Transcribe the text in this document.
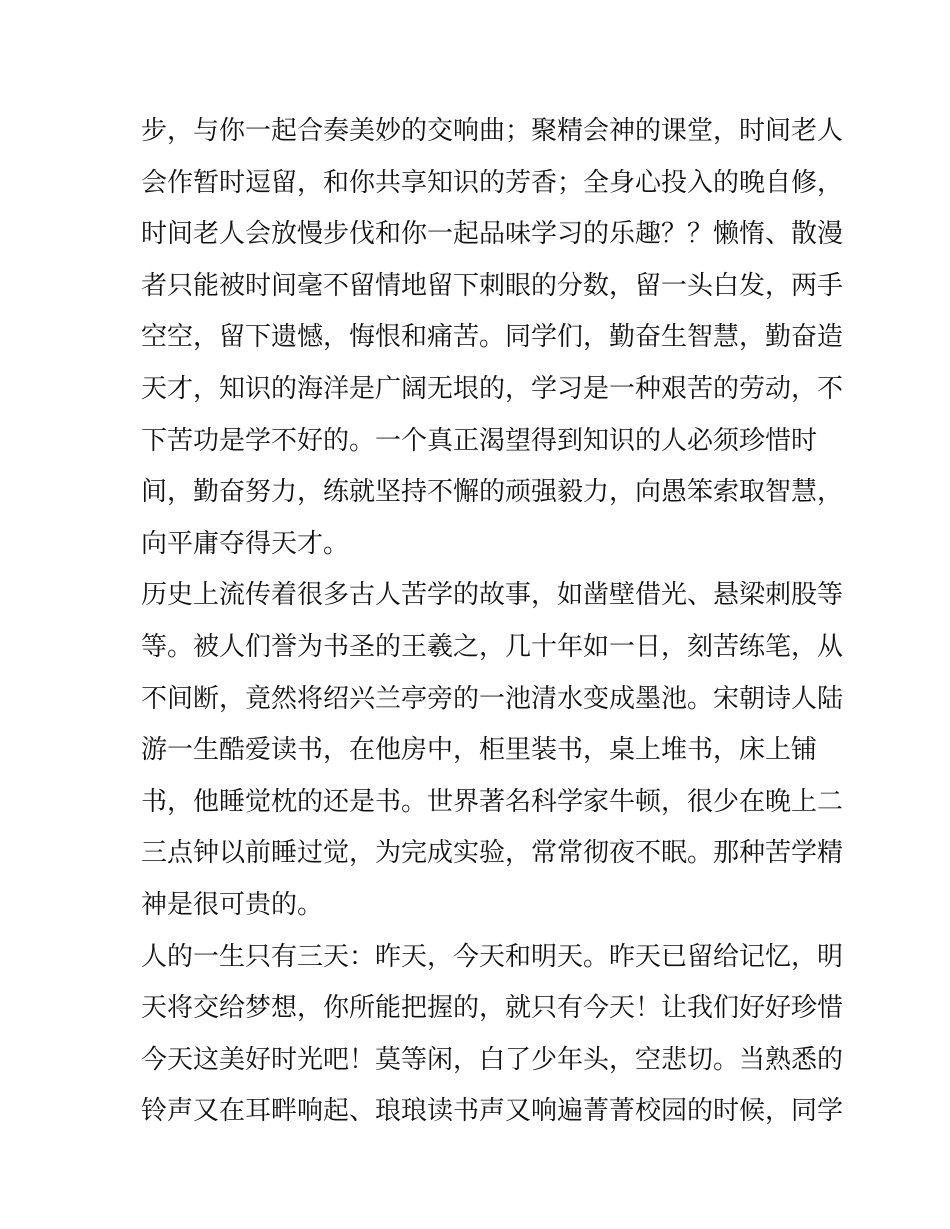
步，与你一起合奏美妙的交响曲；聚精会神的课堂，时间老人
会作暂时逗留，和你共享知识的芳香；全身心投入的晚自修，
时间老人会放慢步伐和你一起品味学习的乐趣？？懒惰、散漫
者只能被时间毫不留情地留下刺眼的分数，留一头白发，两手
空空，留下遗憾，悔恨和痛苦。同学们，勤奋生智慧，勤奋造
天才，知识的海洋是广阔无垠的，学习是一种艰苦的劳动，不
下苦功是学不好的。一个真正渴望得到知识的人必须珍惜时
间，勤奋努力，练就坚持不懈的顽强毅力，向愚笨索取智慧，
向平庸夺得天才。
历史上流传着很多古人苦学的故事，如凿壁借光、悬梁刺股等
等。被人们誉为书圣的王羲之，几十年如一日，刻苦练笔，从
不间断，竟然将绍兴兰亭旁的一池清水变成墨池。宋朝诗人陆
游一生酷爱读书，在他房中，柜里装书，桌上堆书，床上铺
书，他睡觉枕的还是书。世界著名科学家牛顿，很少在晚上二
三点钟以前睡过觉，为完成实验，常常彻夜不眠。那种苦学精
神是很可贵的。
人的一生只有三天：昨天，今天和明天。昨天已留给记忆，明
天将交给梦想，你所能把握的，就只有今天！让我们好好珍惜
今天这美好时光吧！莫等闲，白了少年头，空悲切。当熟悉的
铃声又在耳畔响起、琅琅读书声又响遍菁菁校园的时候，同学
